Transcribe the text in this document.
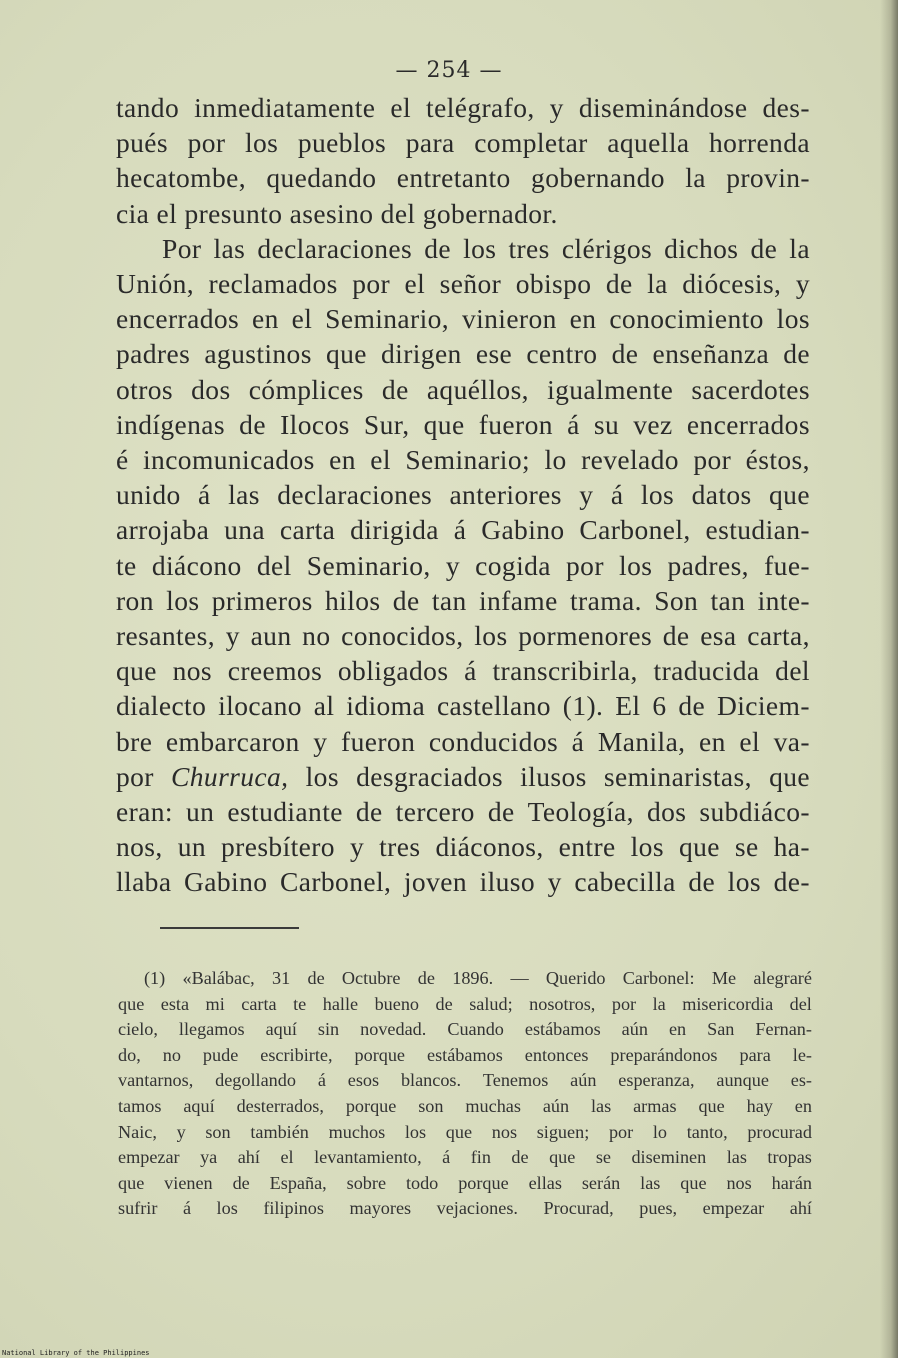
— 254 —
tando inmediatamente el telégrafo, y diseminándose des-
pués por los pueblos para completar aquella horrenda
hecatombe, quedando entretanto gobernando la provin-
cia el presunto asesino del gobernador.
Por las declaraciones de los tres clérigos dichos de la
Unión, reclamados por el señor obispo de la diócesis, y
encerrados en el Seminario, vinieron en conocimiento los
padres agustinos que dirigen ese centro de enseñanza de
otros dos cómplices de aquéllos, igualmente sacerdotes
indígenas de Ilocos Sur, que fueron á su vez encerrados
é incomunicados en el Seminario; lo revelado por éstos,
unido á las declaraciones anteriores y á los datos que
arrojaba una carta dirigida á Gabino Carbonel, estudian-
te diácono del Seminario, y cogida por los padres, fue-
ron los primeros hilos de tan infame trama. Son tan inte-
resantes, y aun no conocidos, los pormenores de esa carta,
que nos creemos obligados á transcribirla, traducida del
dialecto ilocano al idioma castellano (1). El 6 de Diciem-
bre embarcaron y fueron conducidos á Manila, en el va-
por Churruca, los desgraciados ilusos seminaristas, que
eran: un estudiante de tercero de Teología, dos subdiáco-
nos, un presbítero y tres diáconos, entre los que se ha-
llaba Gabino Carbonel, joven iluso y cabecilla de los de-
(1) «Balábac, 31 de Octubre de 1896. — Querido Carbonel: Me alegraré
que esta mi carta te halle bueno de salud; nosotros, por la misericordia del
cielo, llegamos aquí sin novedad. Cuando estábamos aún en San Fernan-
do, no pude escribirte, porque estábamos entonces preparándonos para le-
vantarnos, degollando á esos blancos. Tenemos aún esperanza, aunque es-
tamos aquí desterrados, porque son muchas aún las armas que hay en
Naic, y son también muchos los que nos siguen; por lo tanto, procurad
empezar ya ahí el levantamiento, á fin de que se diseminen las tropas
que vienen de España, sobre todo porque ellas serán las que nos harán
sufrir á los filipinos mayores vejaciones. Procurad, pues, empezar ahí
National Library of the Philippines
